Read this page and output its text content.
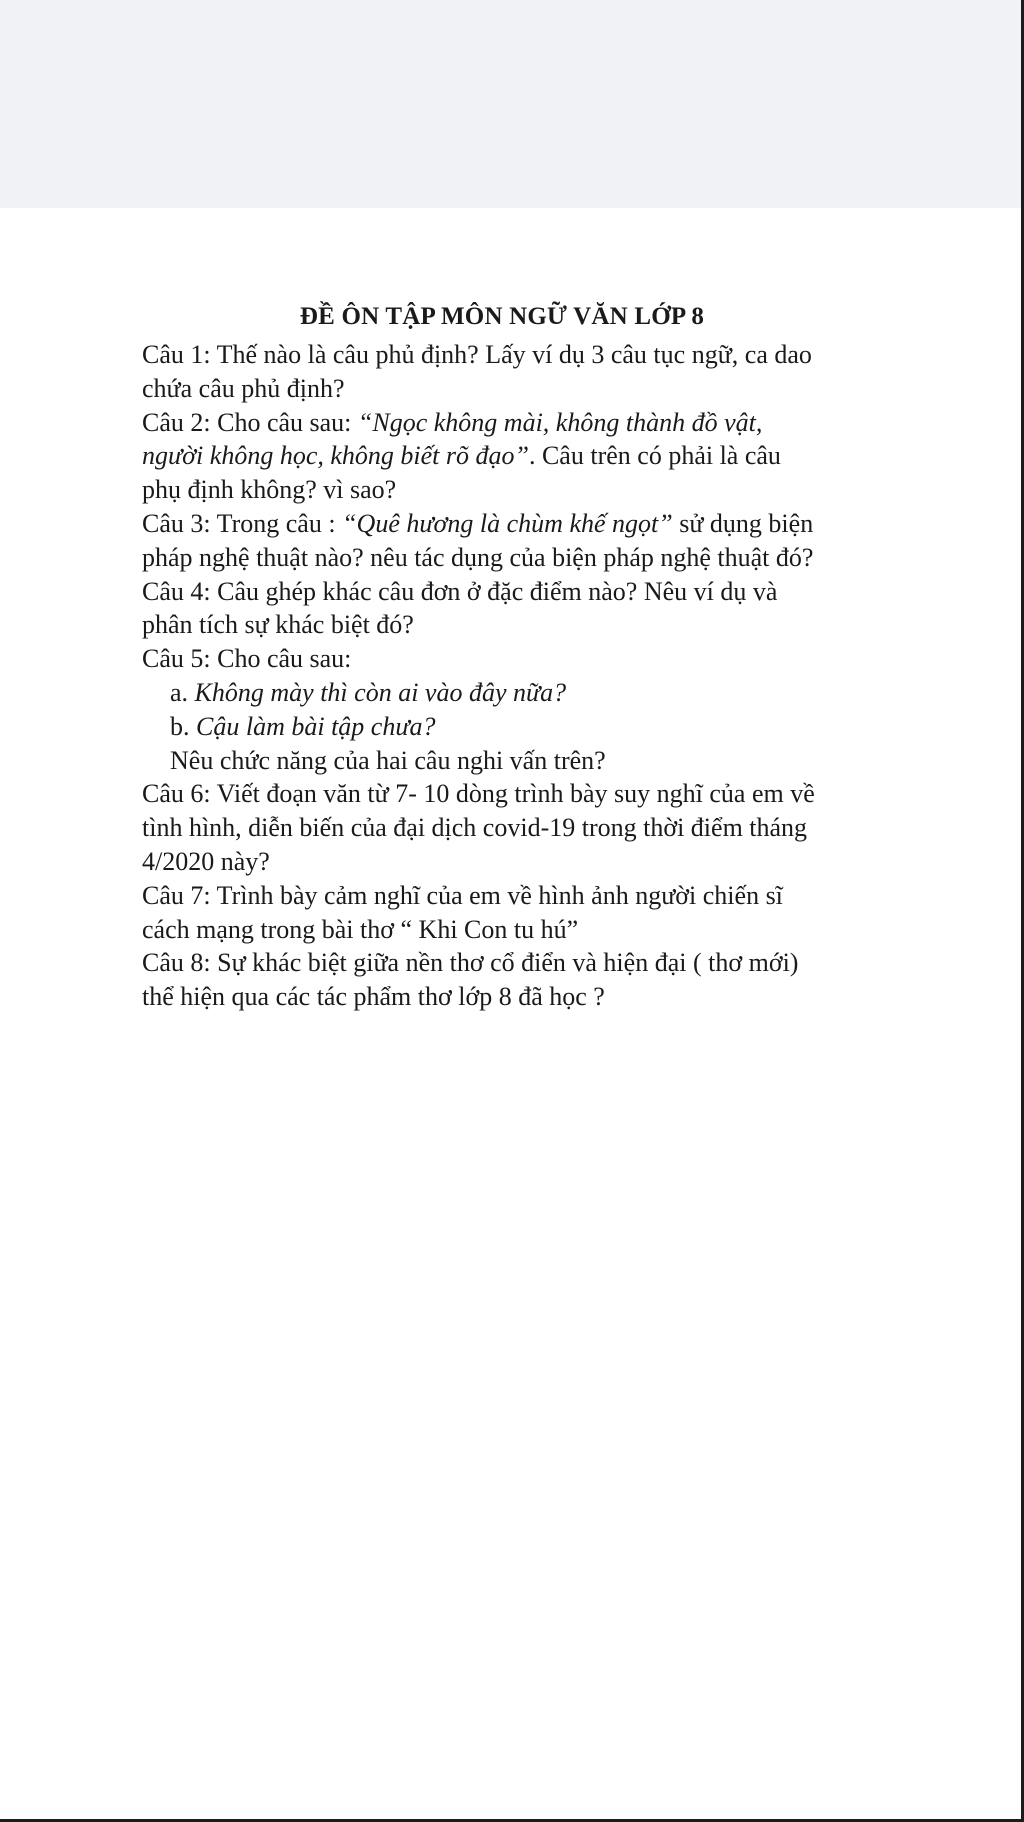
ĐỀ ÔN TẬP MÔN NGỮ VĂN LỚP 8
Câu 1: Thế nào là câu phủ định? Lấy ví dụ 3 câu tục ngữ, ca dao
chứa câu phủ định?
Câu 2: Cho câu sau: “Ngọc không mài, không thành đồ vật,
người không học, không biết rõ đạo”. Câu trên có phải là câu
phụ định không? vì sao?
Câu 3: Trong câu : “Quê hương là chùm khế ngọt” sử dụng biện
pháp nghệ thuật nào? nêu tác dụng của biện pháp nghệ thuật đó?
Câu 4: Câu ghép khác câu đơn ở đặc điểm nào? Nêu ví dụ và
phân tích sự khác biệt đó?
Câu 5: Cho câu sau:
a. Không mày thì còn ai vào đây nữa?
b. Cậu làm bài tập chưa?
Nêu chức năng của hai câu nghi vấn trên?
Câu 6: Viết đoạn văn từ 7- 10 dòng trình bày suy nghĩ của em về
tình hình, diễn biến của đại dịch covid-19 trong thời điểm tháng
4/2020 này?
Câu 7: Trình bày cảm nghĩ của em về hình ảnh người chiến sĩ
cách mạng trong bài thơ “ Khi Con tu hú”
Câu 8: Sự khác biệt giữa nền thơ cổ điển và hiện đại ( thơ mới)
thể hiện qua các tác phẩm thơ lớp 8 đã học ?
